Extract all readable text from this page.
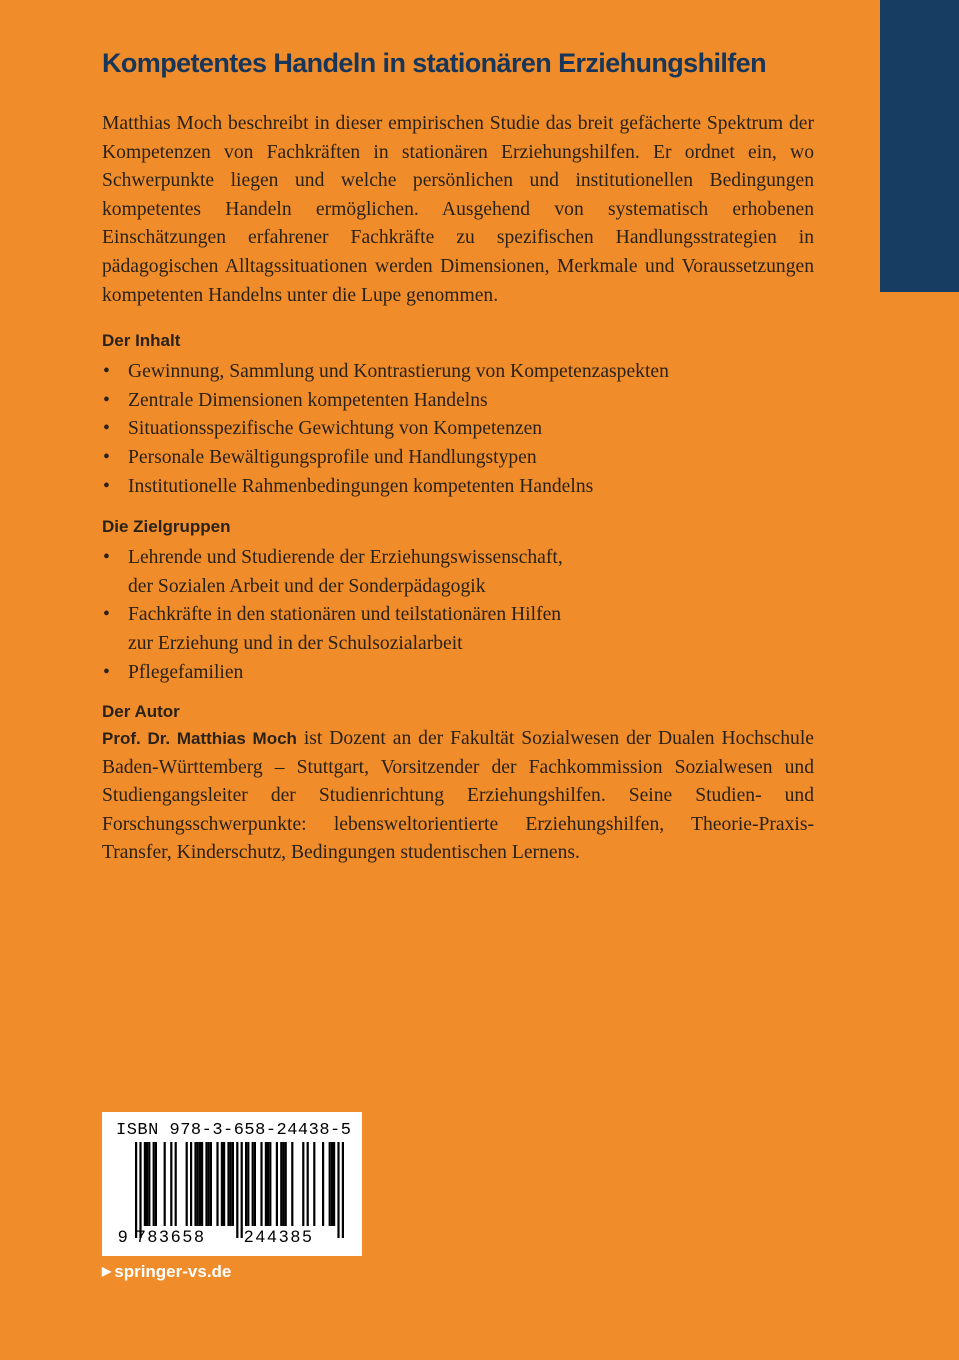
Kompetentes Handeln in stationären Erziehungshilfen

Matthias Moch beschreibt in dieser empirischen Studie das breit gefächerte Spektrum der Kompetenzen von Fachkräften in stationären Erziehungshilfen. Er ordnet ein, wo Schwerpunkte liegen und welche persönlichen und institutionellen Bedingungen kompetentes Handeln ermöglichen. Ausgehend von systematisch erhobenen Einschätzungen erfahrener Fachkräfte zu spezifischen Handlungsstrategien in pädagogischen Alltagssituationen werden Dimensionen, Merkmale und Voraussetzungen kompetenten Handelns unter die Lupe genommen.

Der Inhalt

• Gewinnung, Sammlung und Kontrastierung von Kompetenzaspekten
• Zentrale Dimensionen kompetenten Handelns
• Situationsspezifische Gewichtung von Kompetenzen
• Personale Bewältigungsprofile und Handlungstypen
• Institutionelle Rahmenbedingungen kompetenten Handelns

Die Zielgruppen

• Lehrende und Studierende der Erziehungswissenschaft,
der Sozialen Arbeit und der Sonderpädagogik
• Fachkräfte in den stationären und teilstationären Hilfen
zur Erziehung und in der Schulsozialarbeit
• Pflegefamilien

Der Autor

Prof. Dr. Matthias Moch ist Dozent an der Fakultät Sozialwesen der Dualen Hochschule Baden-Württemberg – Stuttgart, Vorsitzender der Fachkommission Sozialwesen und Studiengangsleiter der Studienrichtung Erziehungshilfen. Seine Studien- und Forschungsschwerpunkte: lebensweltorientierte Erziehungshilfen, Theorie-Praxis-Transfer, Kinderschutz, Bedingungen studentischen Lernens.

ISBN 978-3-658-24438-5
9 783658 244385
▶ springer-vs.de
